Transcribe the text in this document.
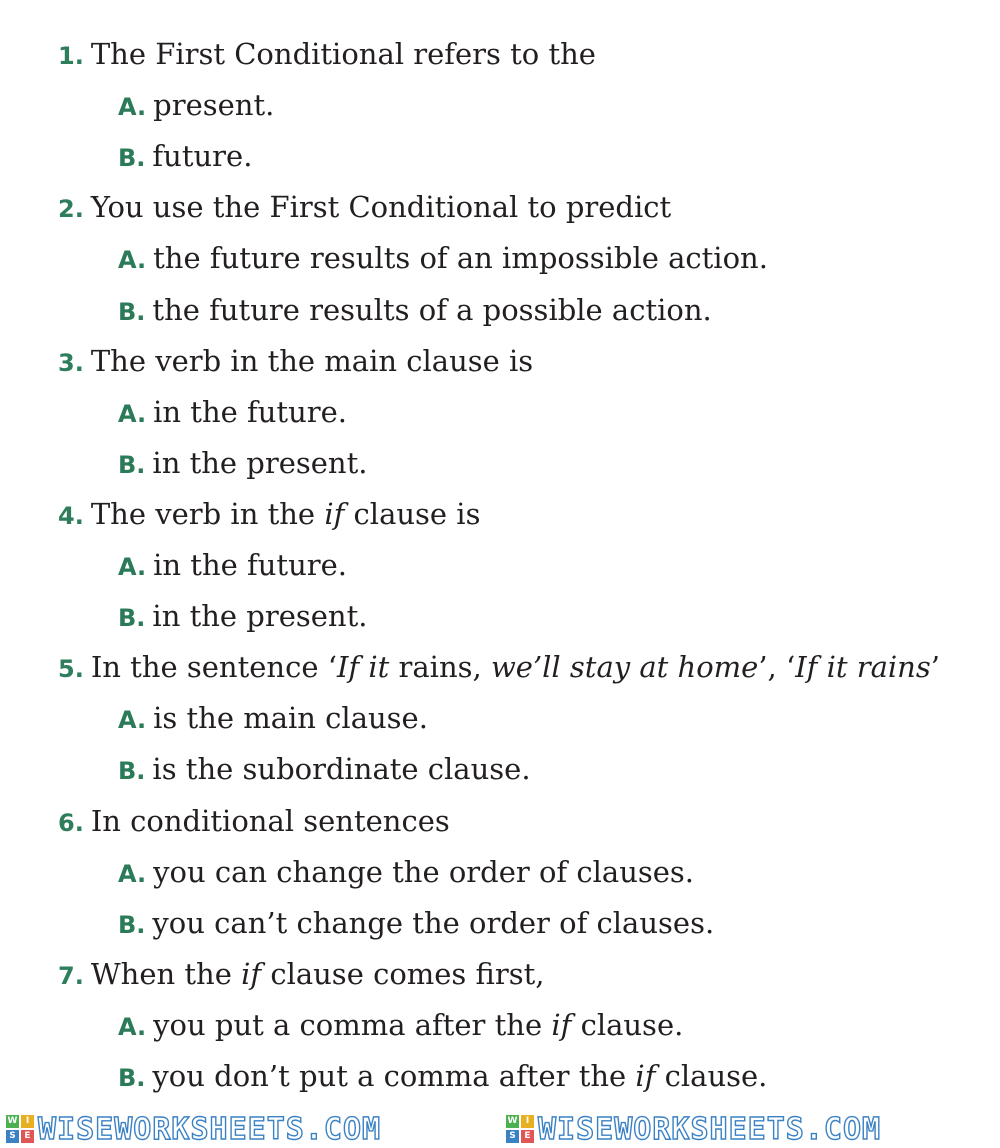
1. The First Conditional refers to the
A. present.
B. future.
2. You use the First Conditional to predict
A. the future results of an impossible action.
B. the future results of a possible action.
3. The verb in the main clause is
A. in the future.
B. in the present.
4. The verb in the if clause is
A. in the future.
B. in the present.
5. In the sentence ‘If it rains, we’ll stay at home’, ‘If it rains’
A. is the main clause.
B. is the subordinate clause.
6. In conditional sentences
A. you can change the order of clauses.
B. you can’t change the order of clauses.
7. When the if clause comes first,
A. you put a comma after the if clause.
B. you don’t put a comma after the if clause.
W I
S E WISEWORKSHEETS.COM	W I
S E WISEWORKSHEETS.COM
